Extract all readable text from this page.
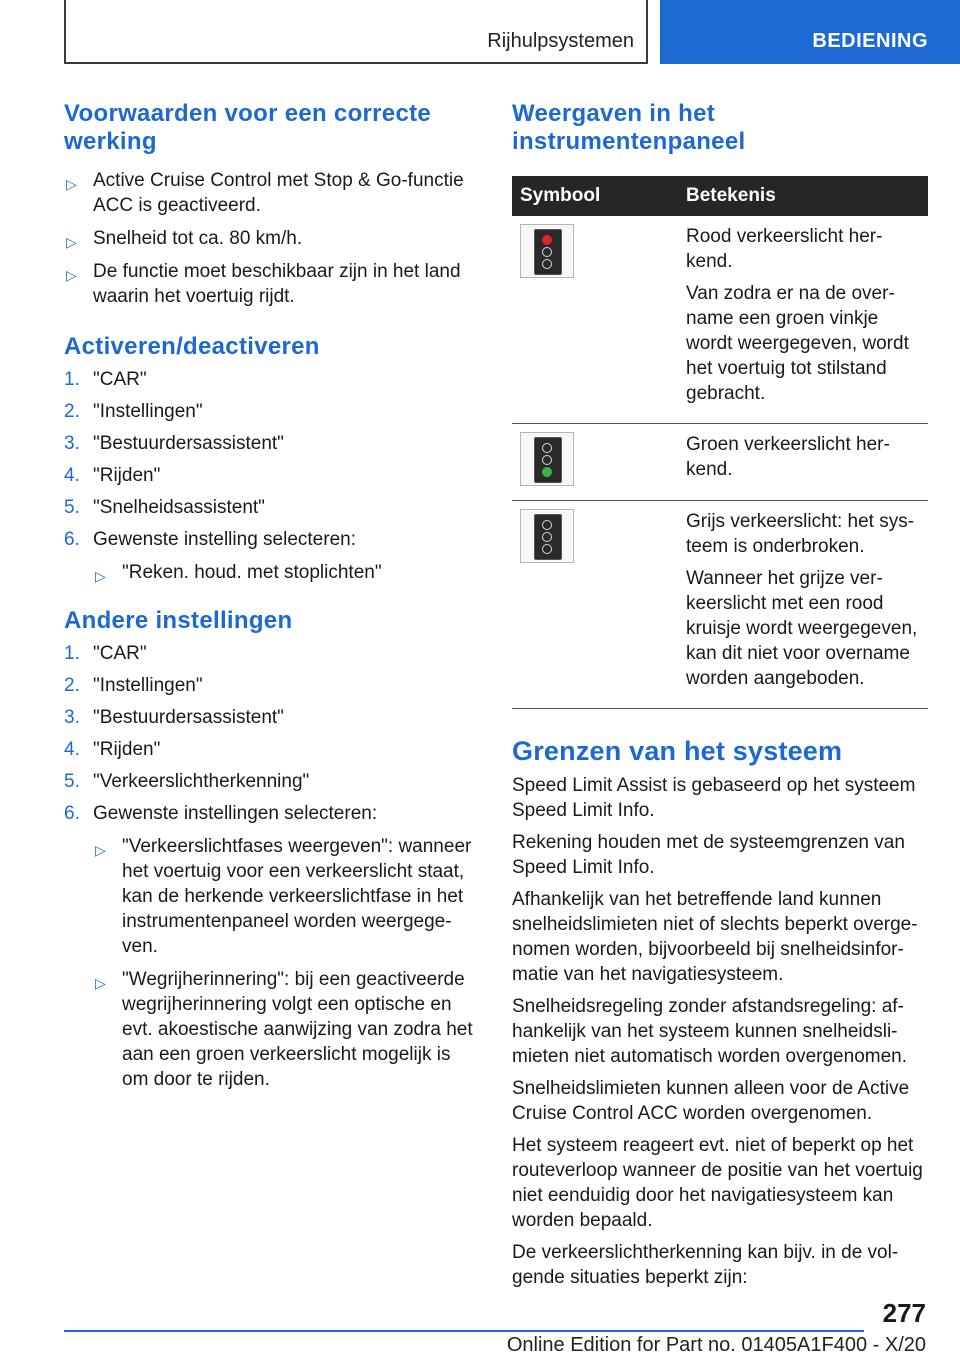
Rijhulpsystemen	BEDIENING
Voorwaarden voor een correcte werking
▷ Active Cruise Control met Stop & Go-functie ACC is geactiveerd.
▷ Snelheid tot ca. 80 km/h.
▷ De functie moet beschikbaar zijn in het land waarin het voertuig rijdt.
Activeren/deactiveren
1. "CAR"
2. "Instellingen"
3. "Bestuurdersassistent"
4. "Rijden"
5. "Snelheidsassistent"
6. Gewenste instelling selecteren:
▷ "Reken. houd. met stoplichten"
Andere instellingen
1. "CAR"
2. "Instellingen"
3. "Bestuurdersassistent"
4. "Rijden"
5. "Verkeerslichtherkenning"
6. Gewenste instellingen selecteren:
▷ "Verkeerslichtfases weergeven": wanneer het voertuig voor een verkeerslicht staat, kan de herkende verkeerslichtfase in het instrumentenpaneel worden weergegeven.
▷ "Wegrijherinnering": bij een geactiveerde wegrijherinnering volgt een optische en evt. akoestische aanwijzing van zodra het aan een groen verkeerslicht mogelijk is om door te rijden.
Weergaven in het instrumentenpaneel
Symbool	Betekenis

	Rood verkeerslicht herkend.

Van zodra er na de overname een groen vinkje wordt weergegeven, wordt het voertuig tot stilstand gebracht.

	Groen verkeerslicht herkend.

	Grijs verkeerslicht: het systeem is onderbroken.

Wanneer het grijze verkeerslicht met een rood kruisje wordt weergegeven, kan dit niet voor overname worden aangeboden.

Grenzen van het systeem

Speed Limit Assist is gebaseerd op het systeem Speed Limit Info.

Rekening houden met de systeemgrenzen van Speed Limit Info.

Afhankelijk van het betreffende land kunnen snelheidslimieten niet of slechts beperkt overgenomen worden, bijvoorbeeld bij snelheidsinformatie van het navigatiesysteem.

Snelheidsregeling zonder afstandsregeling: afhankelijk van het systeem kunnen snelheidslimieten niet automatisch worden overgenomen.

Snelheidslimieten kunnen alleen voor de Active Cruise Control ACC worden overgenomen.

Het systeem reageert evt. niet of beperkt op het routeverloop wanneer de positie van het voertuig niet eenduidig door het navigatiesysteem kan worden bepaald.

De verkeerslichtherkenning kan bijv. in de volgende situaties beperkt zijn:

277
Online Edition for Part no. 01405A1F400 - X/20
